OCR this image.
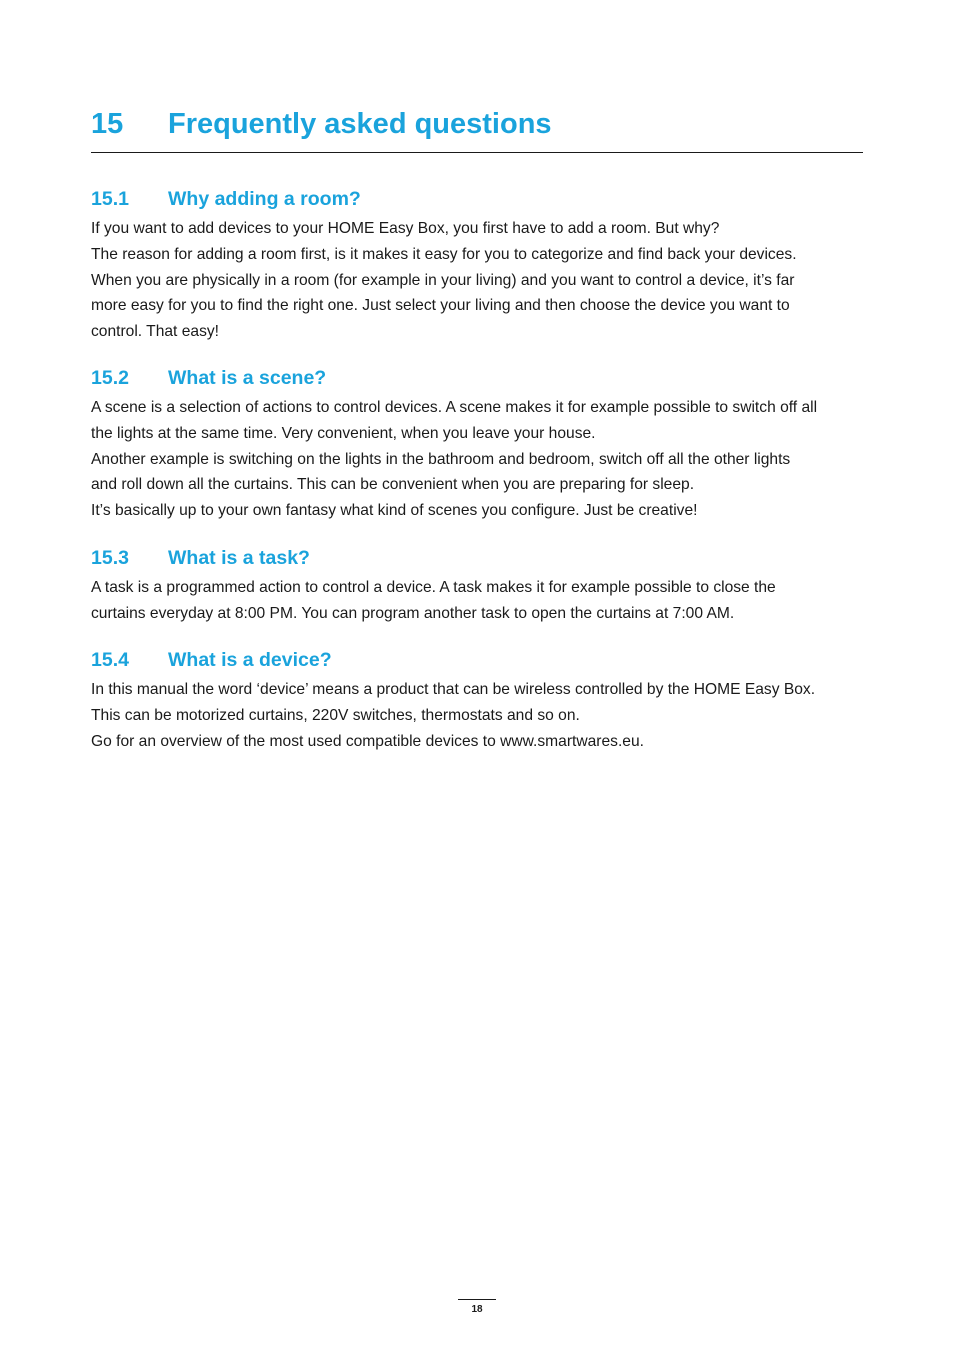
15	Frequently asked questions
15.1	Why adding a room?

If you want to add devices to your HOME Easy Box, you first have to add a room. But why?

The reason for adding a room first, is it makes it easy for you to categorize and find back your devices.

When you are physically in a room (for example in your living) and you want to control a device, it’s far

more easy for you to find the right one. Just select your living and then choose the device you want to

control. That easy!

15.2	What is a scene?

A scene is a selection of actions to control devices. A scene makes it for example possible to switch off all

the lights at the same time. Very convenient, when you leave your house.

Another example is switching on the lights in the bathroom and bedroom, switch off all the other lights

and roll down all the curtains. This can be convenient when you are preparing for sleep.

It’s basically up to your own fantasy what kind of scenes you configure. Just be creative!

15.3	What is a task?

A task is a programmed action to control a device. A task makes it for example possible to close the

curtains everyday at 8:00 PM. You can program another task to open the curtains at 7:00 AM.

15.4	What is a device?

In this manual the word ‘device’ means a product that can be wireless controlled by the HOME Easy Box.

This can be motorized curtains, 220V switches, thermostats and so on.

Go for an overview of the most used compatible devices to www.smartwares.eu.

18
